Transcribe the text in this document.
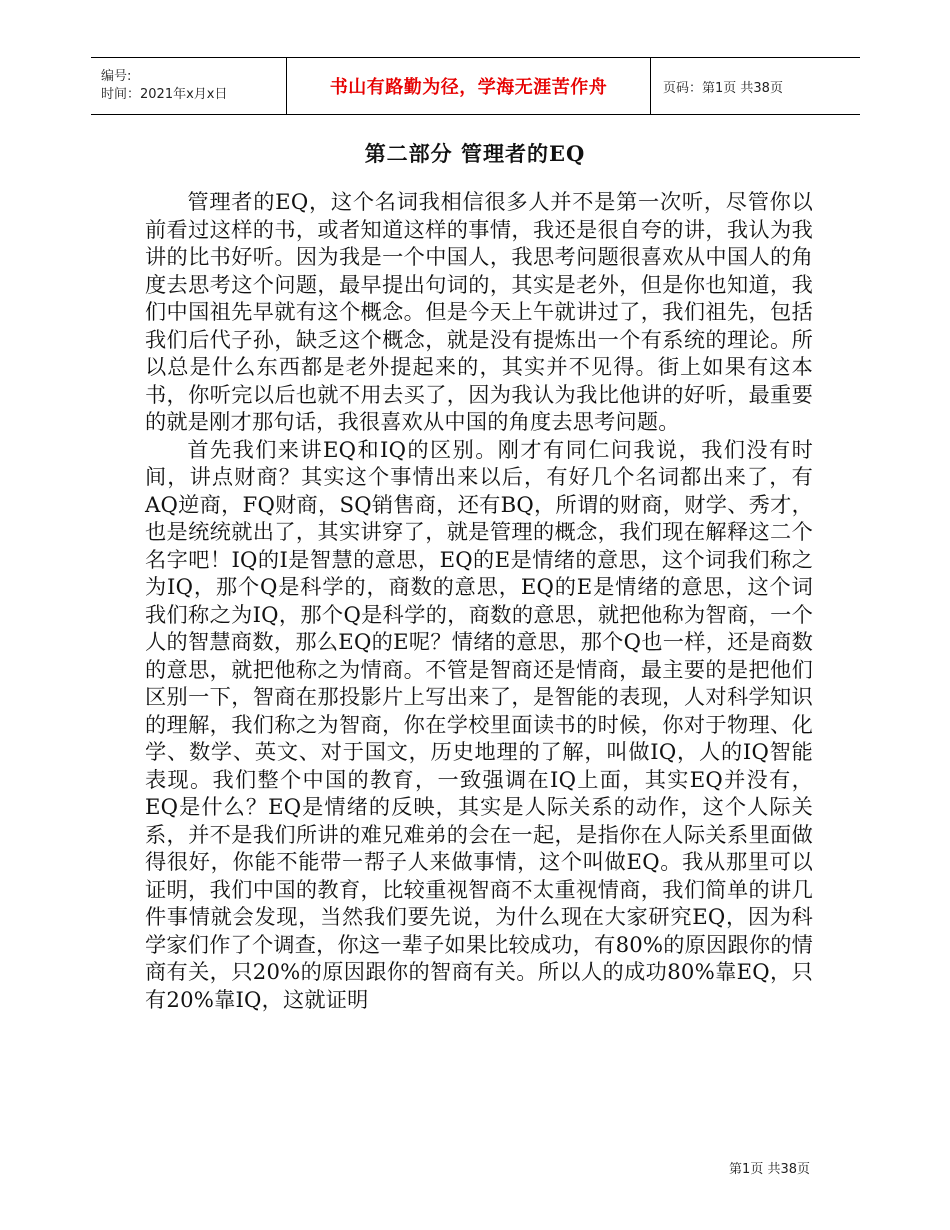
编号:
时间：2021年x月x日	书山有路勤为径，学海无涯苦作舟	页码：第1页 共38页
第二部分 管理者的EQ

管理者的EQ，这个名词我相信很多人并不是第一次听，尽管你以前看过这样的书，或者知道这样的事情，我还是很自夸的讲，我认为我讲的比书好听。因为我是一个中国人，我思考问题很喜欢从中国人的角度去思考这个问题，最早提出句词的，其实是老外，但是你也知道，我们中国祖先早就有这个概念。但是今天上午就讲过了，我们祖先，包括我们后代子孙，缺乏这个概念，就是没有提炼出一个有系统的理论。所以总是什么东西都是老外提起来的，其实并不见得。街上如果有这本书，你听完以后也就不用去买了，因为我认为我比他讲的好听，最重要的就是刚才那句话，我很喜欢从中国的角度去思考问题。

首先我们来讲EQ和IQ的区别。刚才有同仁问我说，我们没有时间，讲点财商？其实这个事情出来以后，有好几个名词都出来了，有AQ逆商，FQ财商，SQ销售商，还有BQ，所谓的财商，财学、秀才，也是统统就出了，其实讲穿了，就是管理的概念，我们现在解释这二个名字吧！IQ的I是智慧的意思，EQ的E是情绪的意思，这个词我们称之为IQ，那个Q是科学的，商数的意思，EQ的E是情绪的意思，这个词我们称之为IQ，那个Q是科学的，商数的意思，就把他称为智商，一个人的智慧商数，那么EQ的E呢？情绪的意思，那个Q也一样，还是商数的意思，就把他称之为情商。不管是智商还是情商，最主要的是把他们区别一下，智商在那投影片上写出来了，是智能的表现，人对科学知识的理解，我们称之为智商，你在学校里面读书的时候，你对于物理、化学、数学、英文、对于国文，历史地理的了解，叫做IQ，人的IQ智能表现。我们整个中国的教育，一致强调在IQ上面，其实EQ并没有，EQ是什么？EQ是情绪的反映，其实是人际关系的动作，这个人际关系，并不是我们所讲的难兄难弟的会在一起，是指你在人际关系里面做得很好，你能不能带一帮子人来做事情，这个叫做EQ。我从那里可以证明，我们中国的教育，比较重视智商不太重视情商，我们简单的讲几件事情就会发现，当然我们要先说，为什么现在大家研究EQ，因为科学家们作了个调查，你这一辈子如果比较成功，有80%的原因跟你的情商有关，只20%的原因跟你的智商有关。所以人的成功80%靠EQ，只有20%靠IQ，这就证明

第1页 共38页
